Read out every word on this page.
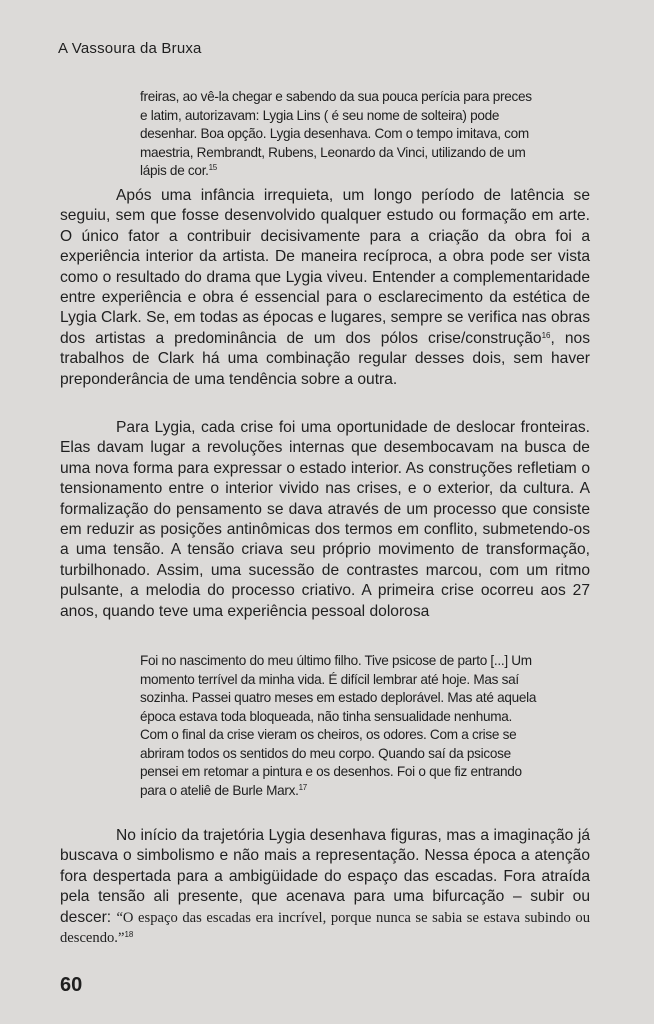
A Vassoura da Bruxa

freiras, ao vê-la chegar e sabendo da sua pouca perícia para preces e latim, autorizavam: Lygia Lins ( é seu nome de solteira) pode desenhar. Boa opção. Lygia desenhava. Com o tempo imitava, com maestria, Rembrandt, Rubens, Leonardo da Vinci, utilizando de um lápis de cor.$^{15}$

Após uma infância irrequieta, um longo período de latência se seguiu, sem que fosse desenvolvido qualquer estudo ou formação em arte. O único fator a contribuir decisivamente para a criação da obra foi a experiência interior da artista. De maneira recíproca, a obra pode ser vista como o resultado do drama que Lygia viveu. Entender a complementaridade entre experiência e obra é essencial para o esclarecimento da estética de Lygia Clark. Se, em todas as épocas e lugares, sempre se verifica nas obras dos artistas a predominância de um dos pólos crise/construção$^{16}$, nos trabalhos de Clark há uma combinação regular desses dois, sem haver preponderância de uma tendência sobre a outra.

Para Lygia, cada crise foi uma oportunidade de deslocar fronteiras. Elas davam lugar a revoluções internas que desembocavam na busca de uma nova forma para expressar o estado interior. As construções refletiam o tensionamento entre o interior vivido nas crises, e o exterior, da cultura. A formalização do pensamento se dava através de um processo que consiste em reduzir as posições antinômicas dos termos em conflito, submetendo-os a uma tensão. A tensão criava seu próprio movimento de transformação, turbilhonado. Assim, uma sucessão de contrastes marcou, com um ritmo pulsante, a melodia do processo criativo. A primeira crise ocorreu aos 27 anos, quando teve uma experiência pessoal dolorosa

Foi no nascimento do meu último filho. Tive psicose de parto [...] Um momento terrível da minha vida. É difícil lembrar até hoje. Mas saí sozinha. Passei quatro meses em estado deplorável. Mas até aquela época estava toda bloqueada, não tinha sensualidade nenhuma. Com o final da crise vieram os cheiros, os odores. Com a crise se abriram todos os sentidos do meu corpo. Quando saí da psicose pensei em retomar a pintura e os desenhos. Foi o que fiz entrando para o ateliê de Burle Marx.$^{17}$

No início da trajetória Lygia desenhava figuras, mas a imaginação já buscava o simbolismo e não mais a representação. Nessa época a atenção fora despertada para a ambigüidade do espaço das escadas. Fora atraída pela tensão ali presente, que acenava para uma bifurcação – subir ou descer: “O espaço das escadas era incrível, porque nunca se sabia se estava subindo ou descendo.”$^{18}$

60
